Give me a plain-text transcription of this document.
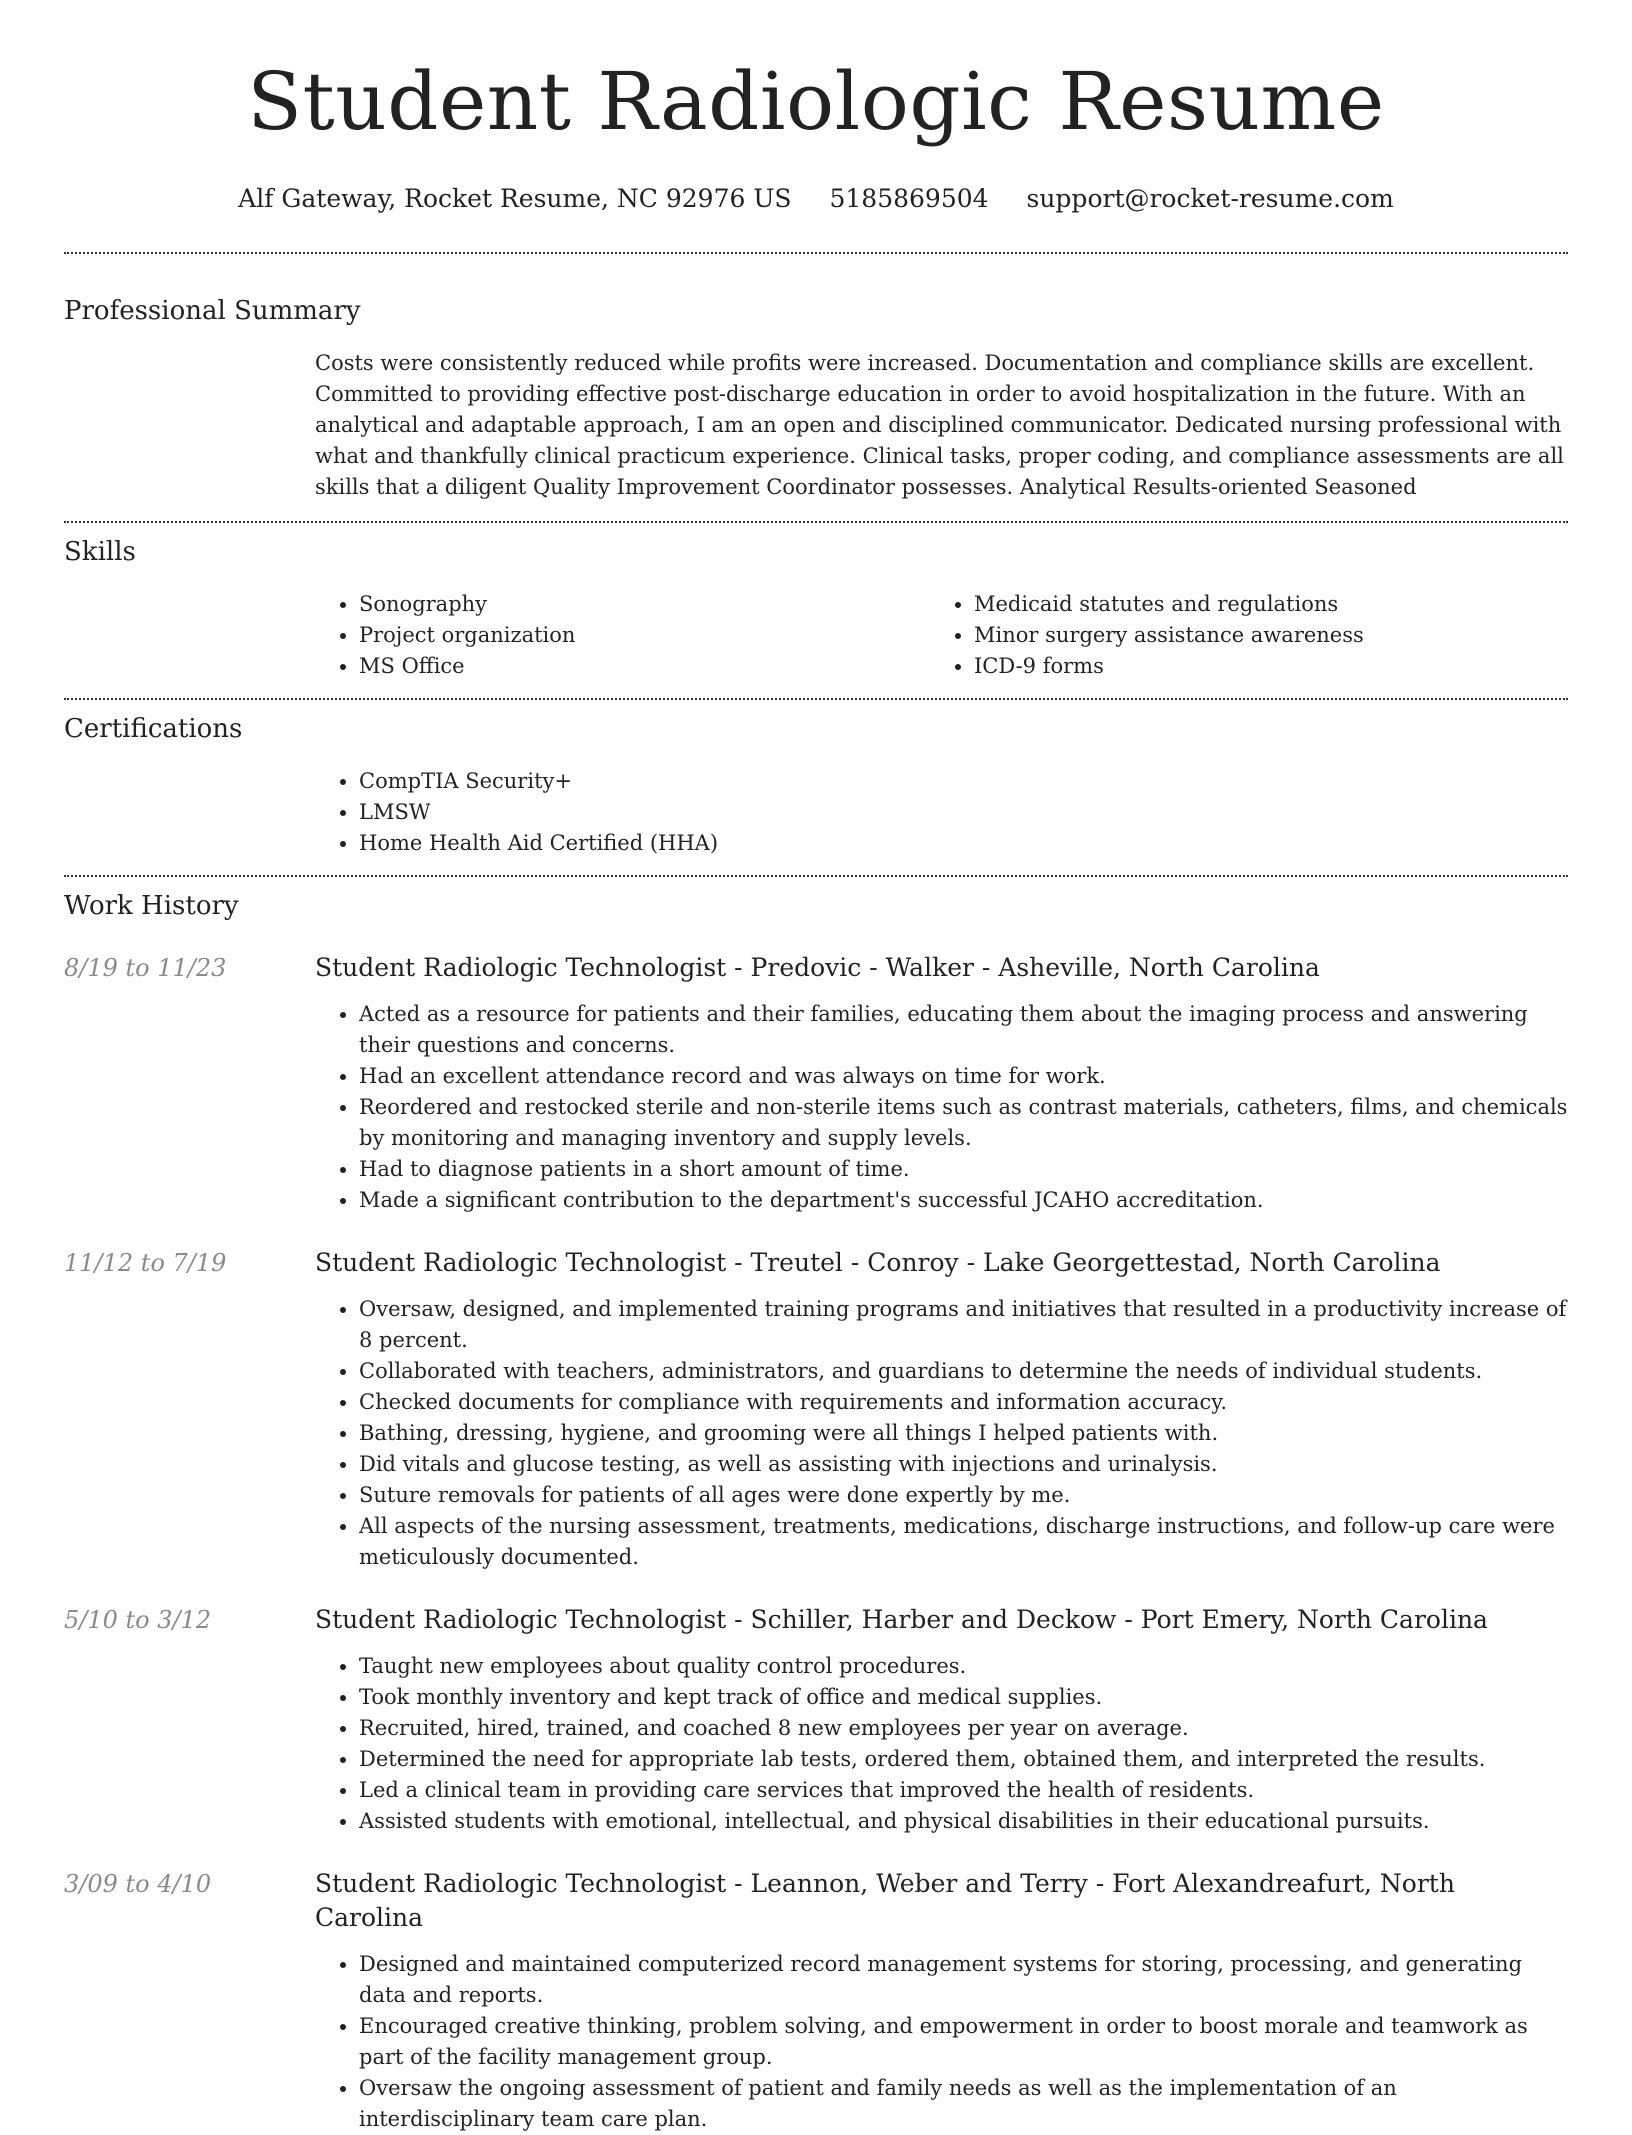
Student Radiologic Resume
Alf Gateway, Rocket Resume, NC 92976 US 5185869504 support@rocket-resume.com
Professional Summary
Costs were consistently reduced while profits were increased. Documentation and compliance skills are excellent. Committed to providing effective post-discharge education in order to avoid hospitalization in the future. With an analytical and adaptable approach, I am an open and disciplined communicator. Dedicated nursing professional with what and thankfully clinical practicum experience. Clinical tasks, proper coding, and compliance assessments are all skills that a diligent Quality Improvement Coordinator possesses. Analytical Results-oriented Seasoned
Skills
• Sonography
• Project organization
• MS Office
• Medicaid statutes and regulations
• Minor surgery assistance awareness
• ICD-9 forms
Certifications
• CompTIA Security+
• LMSW
• Home Health Aid Certified (HHA)
Work History
8/19 to 11/23	Student Radiologic Technologist - Predovic - Walker - Asheville, North Carolina
• Acted as a resource for patients and their families, educating them about the imaging process and answering their questions and concerns.
• Had an excellent attendance record and was always on time for work.
• Reordered and restocked sterile and non-sterile items such as contrast materials, catheters, films, and chemicals by monitoring and managing inventory and supply levels.
• Had to diagnose patients in a short amount of time.
• Made a significant contribution to the department's successful JCAHO accreditation.
11/12 to 7/19	Student Radiologic Technologist - Treutel - Conroy - Lake Georgettestad, North Carolina
• Oversaw, designed, and implemented training programs and initiatives that resulted in a productivity increase of 8 percent.
• Collaborated with teachers, administrators, and guardians to determine the needs of individual students.
• Checked documents for compliance with requirements and information accuracy.
• Bathing, dressing, hygiene, and grooming were all things I helped patients with.
• Did vitals and glucose testing, as well as assisting with injections and urinalysis.
• Suture removals for patients of all ages were done expertly by me.
• All aspects of the nursing assessment, treatments, medications, discharge instructions, and follow-up care were meticulously documented.
5/10 to 3/12	Student Radiologic Technologist - Schiller, Harber and Deckow - Port Emery, North Carolina
• Taught new employees about quality control procedures.
• Took monthly inventory and kept track of office and medical supplies.
• Recruited, hired, trained, and coached 8 new employees per year on average.
• Determined the need for appropriate lab tests, ordered them, obtained them, and interpreted the results.
• Led a clinical team in providing care services that improved the health of residents.
• Assisted students with emotional, intellectual, and physical disabilities in their educational pursuits.
3/09 to 4/10	Student Radiologic Technologist - Leannon, Weber and Terry - Fort Alexandreafurt, North Carolina
• Designed and maintained computerized record management systems for storing, processing, and generating data and reports.
• Encouraged creative thinking, problem solving, and empowerment in order to boost morale and teamwork as part of the facility management group.
• Oversaw the ongoing assessment of patient and family needs as well as the implementation of an interdisciplinary team care plan.
